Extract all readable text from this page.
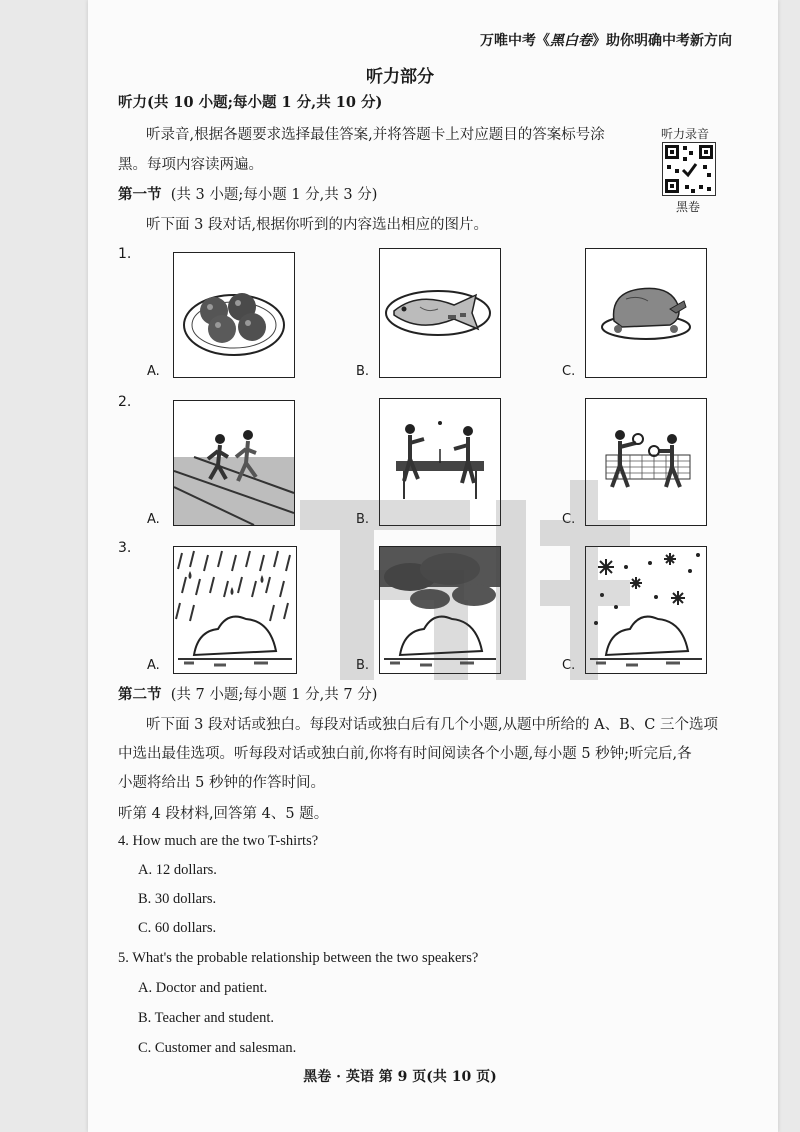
万唯中考《黑白卷》助你明确中考新方向
听力部分
听力(共 10 小题;每小题 1 分,共 10 分)
听录音,根据各题要求选择最佳答案,并将答题卡上对应题目的答案标号涂
黑。每项内容读两遍。
听力录音
黑卷
第一节 (共 3 小题;每小题 1 分,共 3 分)
听下面 3 段对话,根据你听到的内容选出相应的图片。
1.
A.	B.	C.
2.
A.	B.	C.
3.
A.	B.	C.
第二节 (共 7 小题;每小题 1 分,共 7 分)
听下面 3 段对话或独白。每段对话或独白后有几个小题,从题中所给的 A、B、C 三个选项
中选出最佳选项。听每段对话或独白前,你将有时间阅读各个小题,每小题 5 秒钟;听完后,各
小题将给出 5 秒钟的作答时间。
听第 4 段材料,回答第 4、5 题。
4. How much are the two T-shirts?
A. 12 dollars.
B. 30 dollars.
C. 60 dollars.
5. What's the probable relationship between the two speakers?
A. Doctor and patient.
B. Teacher and student.
C. Customer and salesman.
黑卷 · 英语 第 9 页(共 10 页)
